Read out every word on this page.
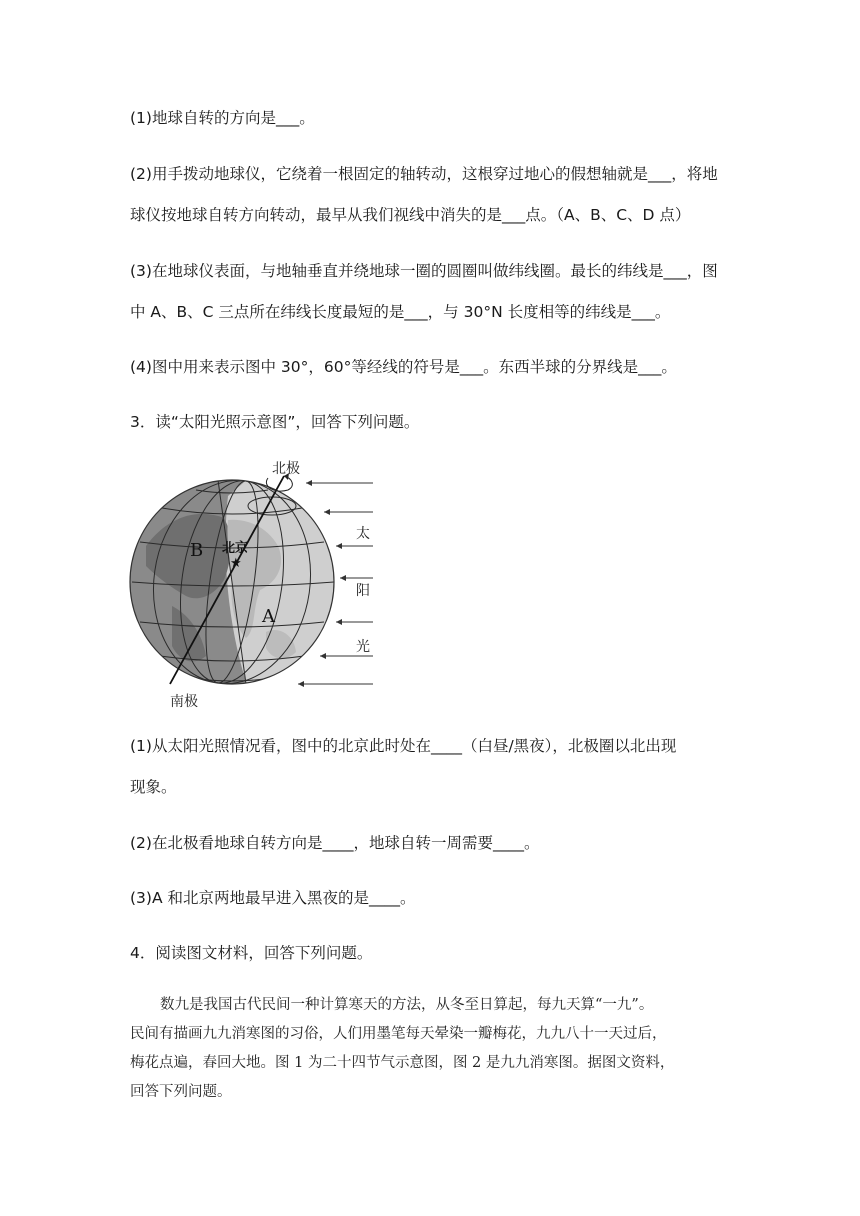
(1)地球自转的方向是___。
(2)用手拨动地球仪，它绕着一根固定的轴转动，这根穿过地心的假想轴就是___，将地
球仪按地球自转方向转动，最早从我们视线中消失的是___点。（A、B、C、D 点）
(3)在地球仪表面，与地轴垂直并绕地球一圈的圆圈叫做纬线圈。最长的纬线是___，图
中 A、B、C 三点所在纬线长度最短的是___，与 30°N 长度相等的纬线是___。
(4)图中用来表示图中 30°，60°等经线的符号是___。东西半球的分界线是___。
3．读“太阳光照示意图”，回答下列问题。
北极
南极
太
阳
光
B
A
北京
★
(1)从太阳光照情况看，图中的北京此时处在____（白昼/黑夜），北极圈以北出现
现象。
(2)在北极看地球自转方向是____，地球自转一周需要____。
(3)A 和北京两地最早进入黑夜的是____。
4．阅读图文材料，回答下列问题。

数九是我国古代民间一种计算寒天的方法，从冬至日算起，每九天算“一九”。

民间有描画九九消寒图的习俗，人们用墨笔每天晕染一瓣梅花，九九八十一天过后，

梅花点遍，春回大地。图 1 为二十四节气示意图，图 2 是九九消寒图。据图文资料，

回答下列问题。
